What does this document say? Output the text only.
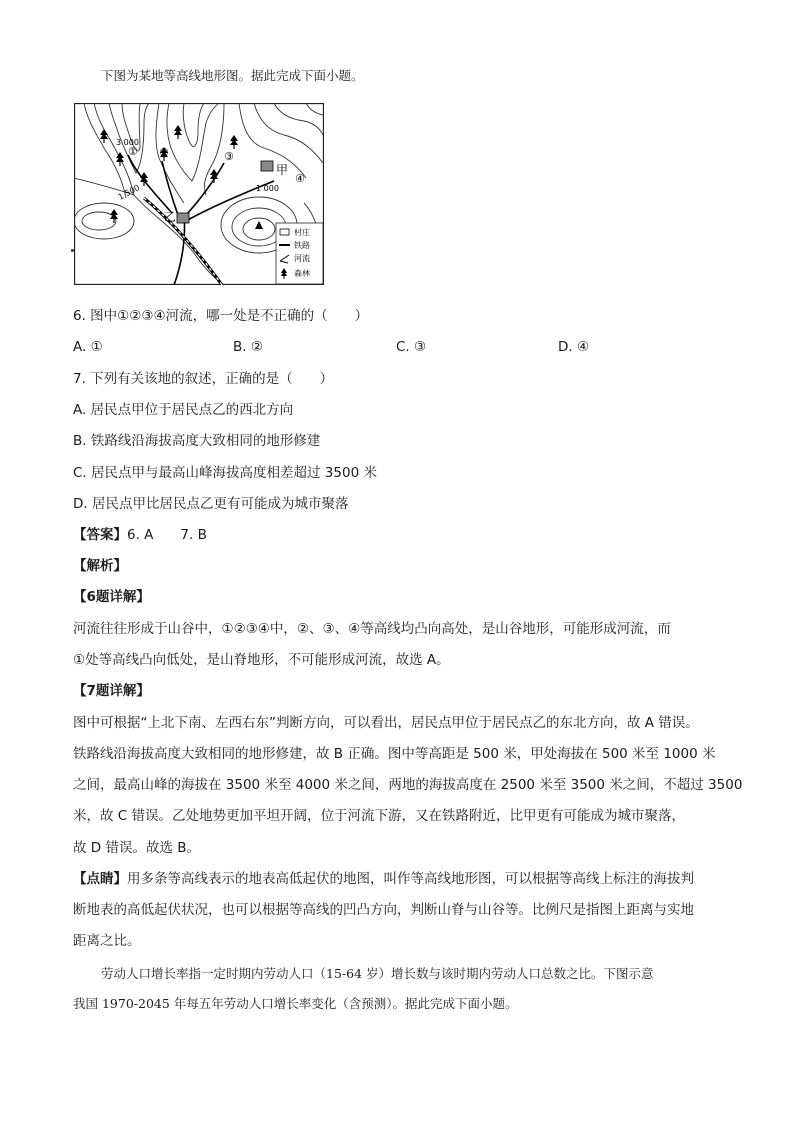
下图为某地等高线地形图。据此完成下面小题。
① ②	③
④
甲
乙
3 000
1 500	1 000
村庄
铁路
河流
森林
6. 图中①②③④河流，哪一处是不正确的（　　）
A. ①	B. ②	C. ③	D. ④
7. 下列有关该地的叙述，正确的是（　　）
A. 居民点甲位于居民点乙的西北方向
B. 铁路线沿海拔高度大致相同的地形修建
C. 居民点甲与最高山峰海拔高度相差超过 3500 米
D. 居民点甲比居民点乙更有可能成为城市聚落
【答案】6. A　　7. B
【解析】
【6题详解】
河流往往形成于山谷中，①②③④中，②、③、④等高线均凸向高处，是山谷地形，可能形成河流，而
①处等高线凸向低处，是山脊地形，不可能形成河流，故选 A。
【7题详解】
图中可根据“上北下南、左西右东”判断方向，可以看出，居民点甲位于居民点乙的东北方向，故 A 错误。
铁路线沿海拔高度大致相同的地形修建，故 B 正确。图中等高距是 500 米，甲处海拔在 500 米至 1000 米
之间，最高山峰的海拔在 3500 米至 4000 米之间，两地的海拔高度在 2500 米至 3500 米之间，不超过 3500
米，故 C 错误。乙处地势更加平坦开阔，位于河流下游，又在铁路附近，比甲更有可能成为城市聚落，
故 D 错误。故选 B。
【点睛】用多条等高线表示的地表高低起伏的地图，叫作等高线地形图，可以根据等高线上标注的海拔判
断地表的高低起伏状况，也可以根据等高线的凹凸方向，判断山脊与山谷等。比例尺是指图上距离与实地
距离之比。
劳动人口增长率指一定时期内劳动人口（15-64 岁）增长数与该时期内劳动人口总数之比。下图示意
我国 1970-2045 年每五年劳动人口增长率变化（含预测）。据此完成下面小题。
